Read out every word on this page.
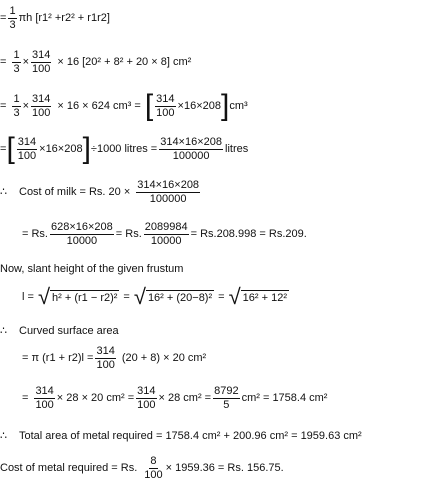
= $\frac{1}{3}$ πh [r1² +r2² + r1r2]
= $\frac{1}{3} \times \frac{314}{100} \times 16$ [20² + 8² + 20 × 8] cm²
= $\frac{1}{3} \times \frac{314}{100} \times 16 \times 624$ cm³ = [ $\frac{314}{100} \times 16\times 208$ ] cm³
= [ $\frac{314}{100} \times 16\times 208$ ] ÷1000 litres = $\frac{314\times 16\times 208}{100000}$ litres
∴ Cost of milk = Rs. $20 \times \frac{314\times 16\times 208}{100000}$
= Rs. $\frac{628\times 16\times 208}{10000} = Rs$. $\frac{2089984}{10000} = Rs.208.998 = Rs.209$.
Now, slant height of the given frustum
l = √ h² + (r1 − r2)² = √ 16² + (20−8)² = √ 16² + 12²
∴ Curved surface area
= π $(r1 + r2)l = \frac{314}{100} (20 + 8) \times 20$ cm²
= $\frac{314}{100} \times 28 \times 20$ $cm^2 = \frac{314}{100} \times 28$ $cm^2 = \frac{8792}{5} cm^2 = 1758.4$ cm²
∴ Total area of metal required = 1758.4 cm² + 200.96 cm² = 1959.63 cm²
Cost of metal required = Rs. $\frac{8}{100} \times 1959.36 = Rs$. 156.75.
